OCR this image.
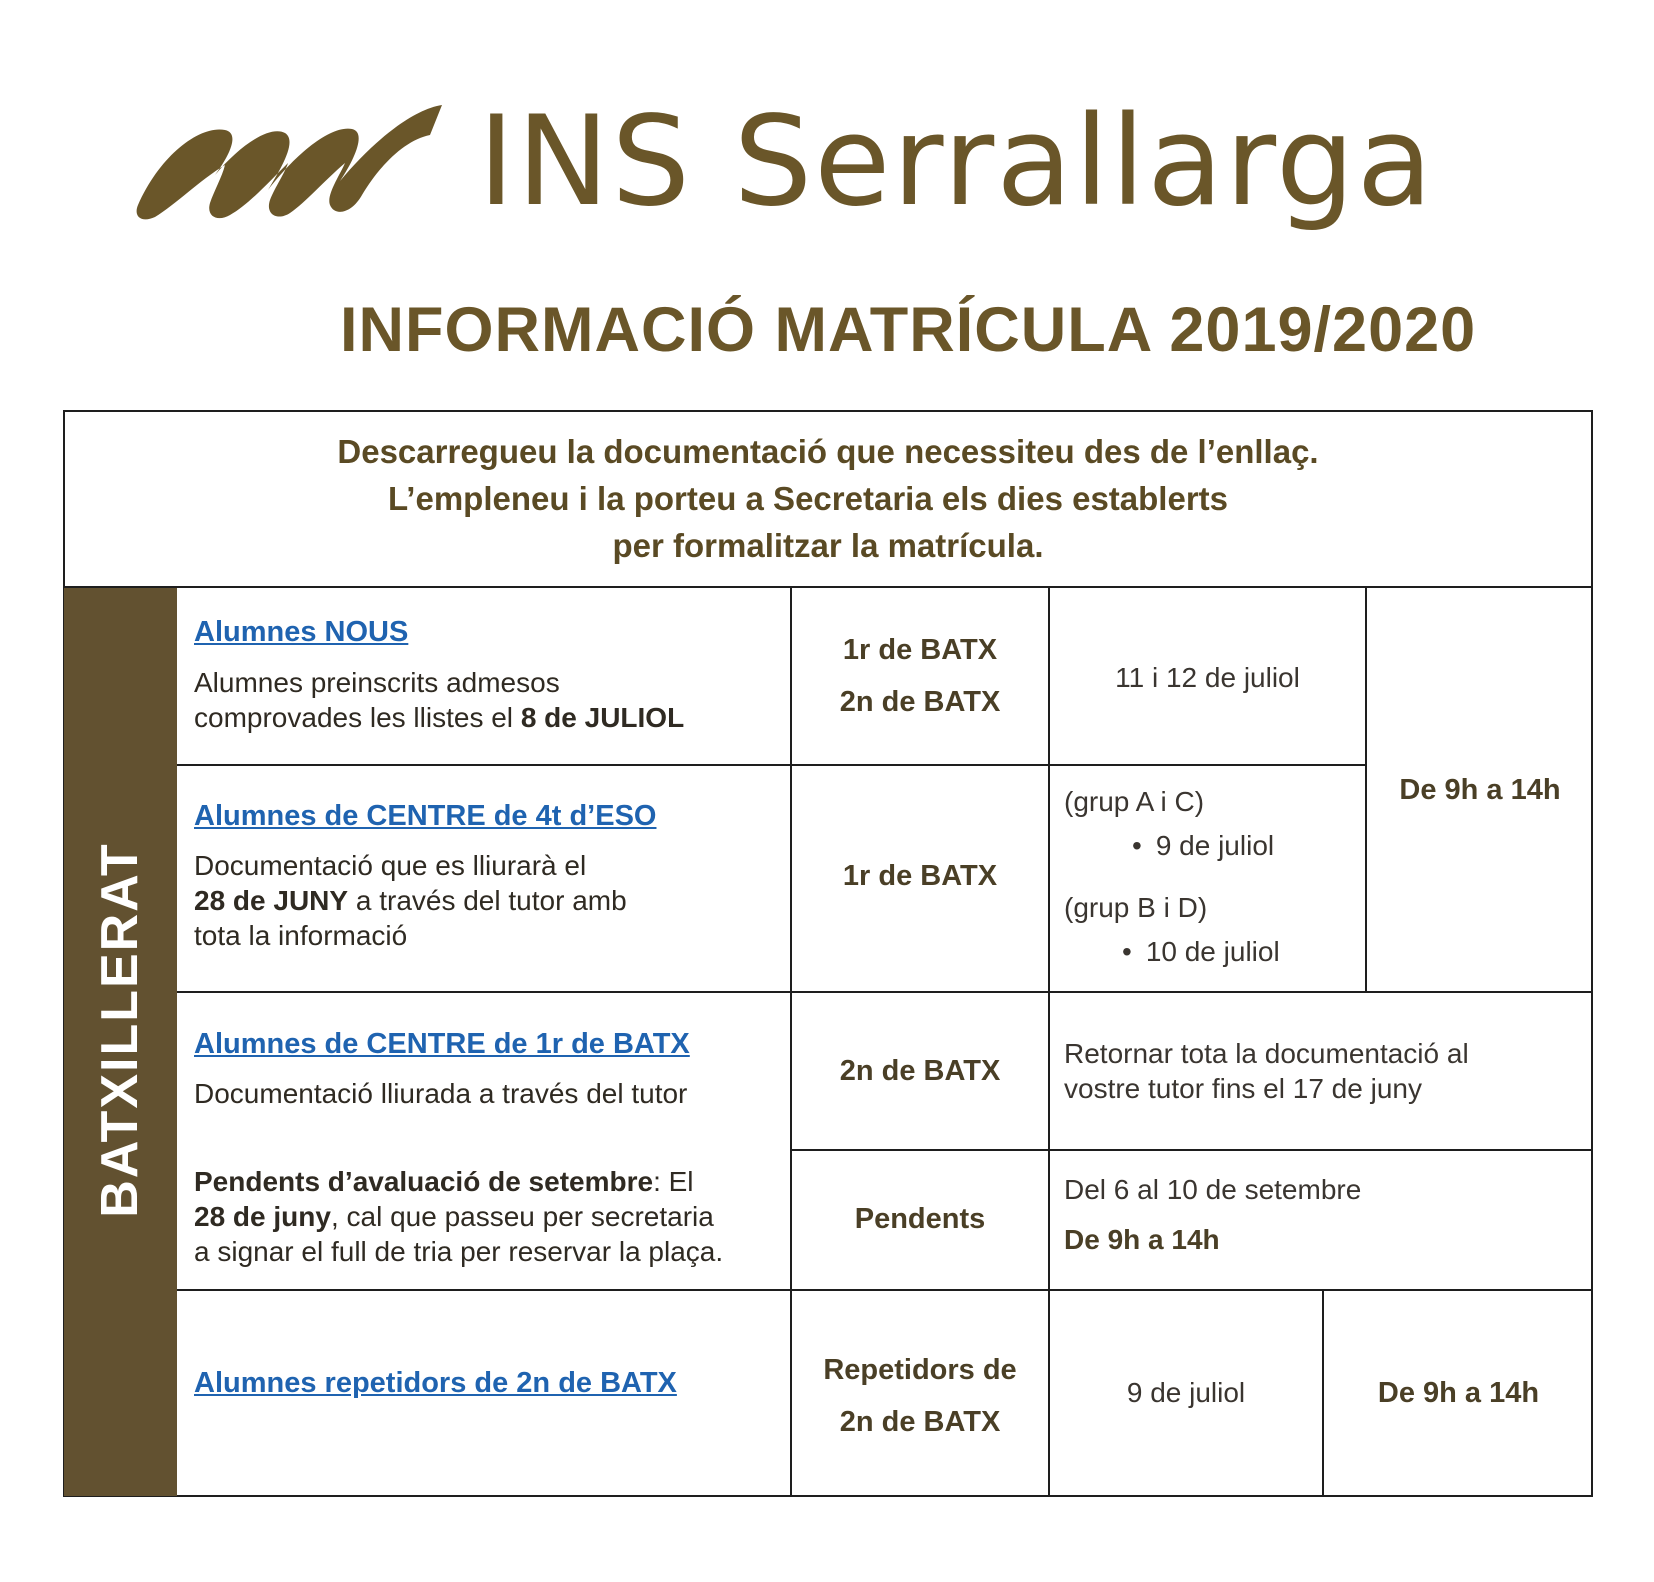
INS Serrallarga
INFORMACIÓ MATRÍCULA 2019/2020
Descarregueu la documentació que necessiteu des de l’enllaç.
L’empleneu i la porteu a Secretaria els dies establerts
per formalitzar la matrícula.
BATXILLERAT
Alumnes NOUS
Alumnes preinscrits admesos
comprovades les llistes el 8 de JULIOL
1r de BATX
2n de BATX
11 i 12 de juliol
De 9h a 14h
Alumnes de CENTRE de 4t d’ESO
Documentació que es lliurarà el
28 de JUNY a través del tutor amb
tota la informació
1r de BATX
(grup A i C)
• 9 de juliol
(grup B i D)
• 10 de juliol
Alumnes de CENTRE de 1r de BATX
Documentació lliurada a través del tutor
2n de BATX
Retornar tota la documentació al
vostre tutor fins el 17 de juny
Pendents d’avaluació de setembre: El
28 de juny, cal que passeu per secretaria
a signar el full de tria per reservar la plaça.
Pendents
Del 6 al 10 de setembre
De 9h a 14h
Alumnes repetidors de 2n de BATX	Repetidors de
2n de BATX
9 de juliol	De 9h a 14h
